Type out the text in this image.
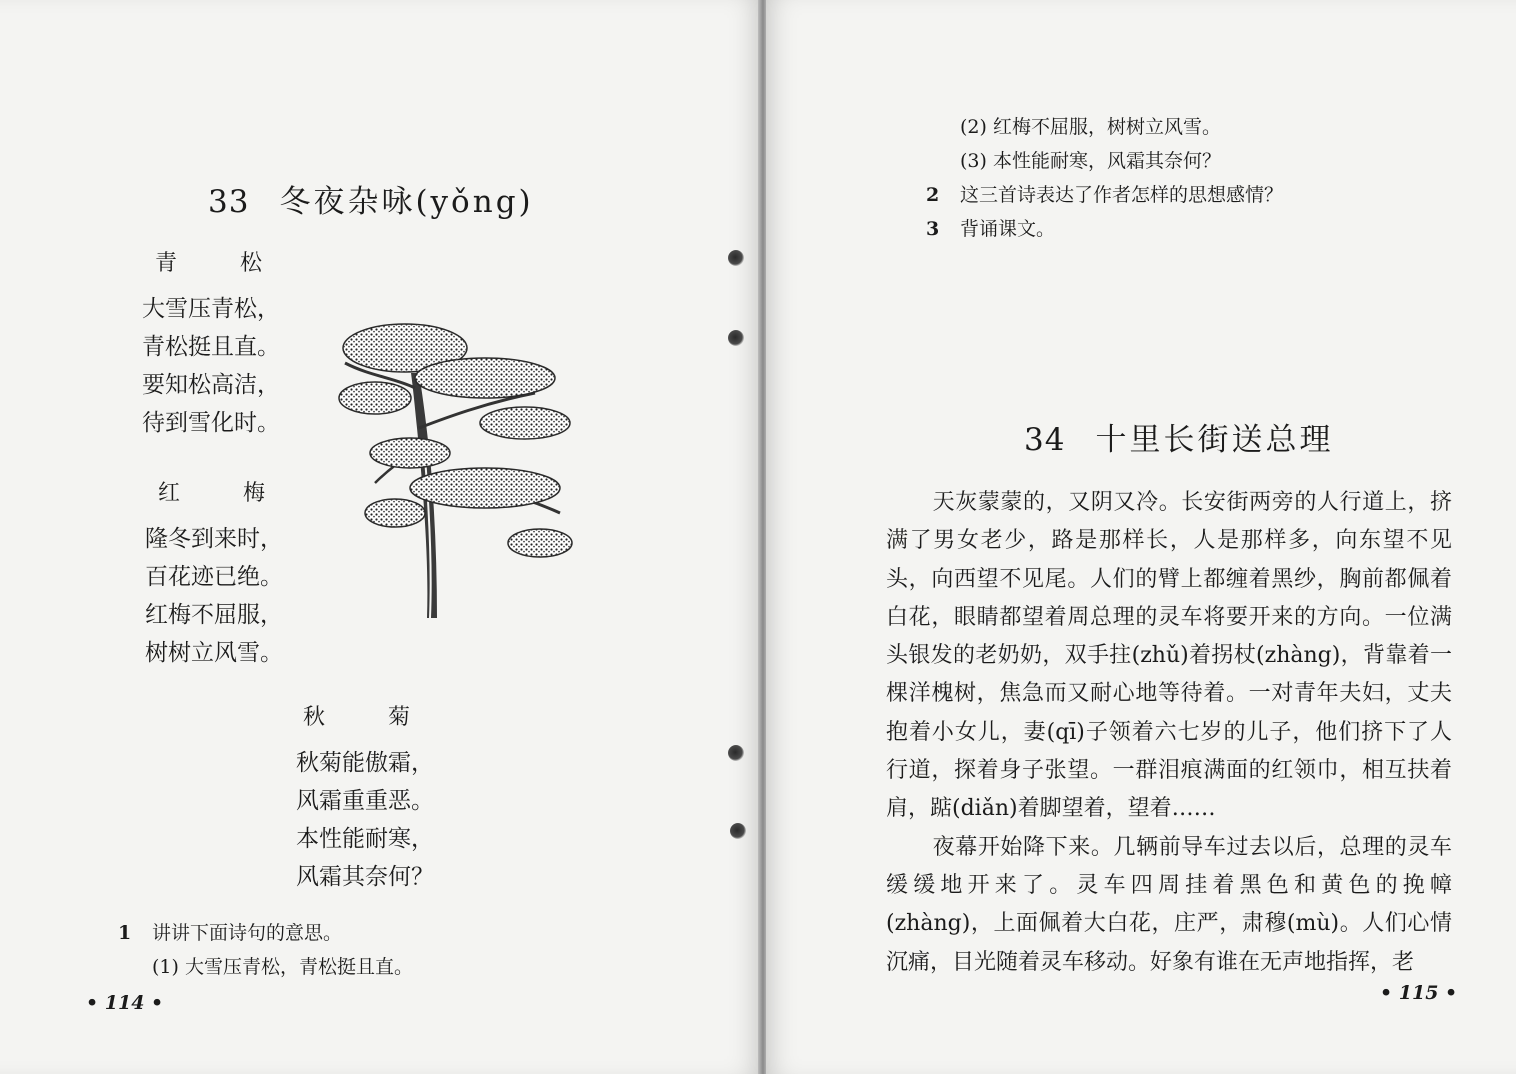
33 冬夜杂咏(yǒng)
青 松
大雪压青松，
青松挺且直。
要知松高洁，
待到雪化时。
红 梅
隆冬到来时，
百花迹已绝。
红梅不屈服，
树树立风雪。
秋 菊
秋菊能傲霜，
风霜重重恶。
本性能耐寒，
风霜其奈何？
1 讲讲下面诗句的意思。
(1) 大雪压青松，青松挺且直。
• 114 •
(2) 红梅不屈服，树树立风雪。
(3) 本性能耐寒，风霜其奈何？
2 这三首诗表达了作者怎样的思想感情？
3 背诵课文。
34 十里长街送总理

天灰蒙蒙的，又阴又冷。长安街两旁的人行道上，挤满了男女老少，路是那样长，人是那样多，向东望不见头，向西望不见尾。人们的臂上都缠着黑纱，胸前都佩着白花，眼睛都望着周总理的灵车将要开来的方向。一位满头银发的老奶奶，双手拄(zhǔ)着拐杖(zhàng)，背靠着一棵洋槐树，焦急而又耐心地等待着。一对青年夫妇，丈夫抱着小女儿，妻(qī)子领着六七岁的儿子，他们挤下了人行道，探着身子张望。一群泪痕满面的红领巾，相互扶着肩，踮(diǎn)着脚望着，望着……

夜幕开始降下来。几辆前导车过去以后，总理的灵车缓缓地开来了。灵车四周挂着黑色和黄色的挽幛(zhàng)，上面佩着大白花，庄严，肃穆(mù)。人们心情沉痛，目光随着灵车移动。好象有谁在无声地指挥，老

• 115 •
